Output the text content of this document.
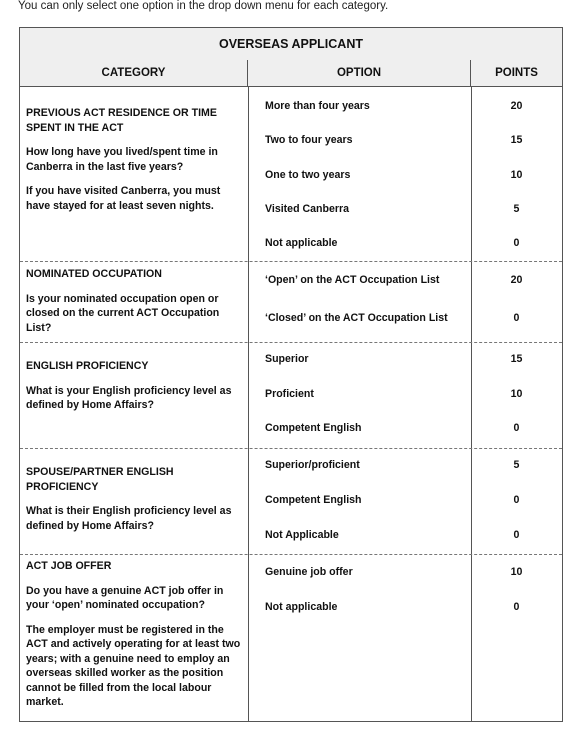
You can only select one option in the drop down menu for each category.
OVERSEAS APPLICANT
CATEGORY	OPTION	POINTS

PREVIOUS ACT RESIDENCE OR TIME SPENT IN THE ACT

How long have you lived/spent time in Canberra in the last five years?

If you have visited Canberra, you must have stayed for at least seven nights.

More than four years	20
Two to four years	15
One to two years	10
Visited Canberra	5
Not applicable	0

NOMINATED OCCUPATION

Is your nominated occupation open or closed on the current ACT Occupation List?

‘Open’ on the ACT Occupation List	20
‘Closed’ on the ACT Occupation List	0

ENGLISH PROFICIENCY

What is your English proficiency level as defined by Home Affairs?

Superior	15
Proficient	10
Competent English	0

SPOUSE/PARTNER ENGLISH PROFICIENCY

What is their English proficiency level as defined by Home Affairs?

Superior/proficient	5
Competent English	0
Not Applicable	0

ACT JOB OFFER

Do you have a genuine ACT job offer in your ‘open’ nominated occupation?

The employer must be registered in the ACT and actively operating for at least two years; with a genuine need to employ an overseas skilled worker as the position cannot be filled from the local labour market.

Genuine job offer	10
Not applicable	0
